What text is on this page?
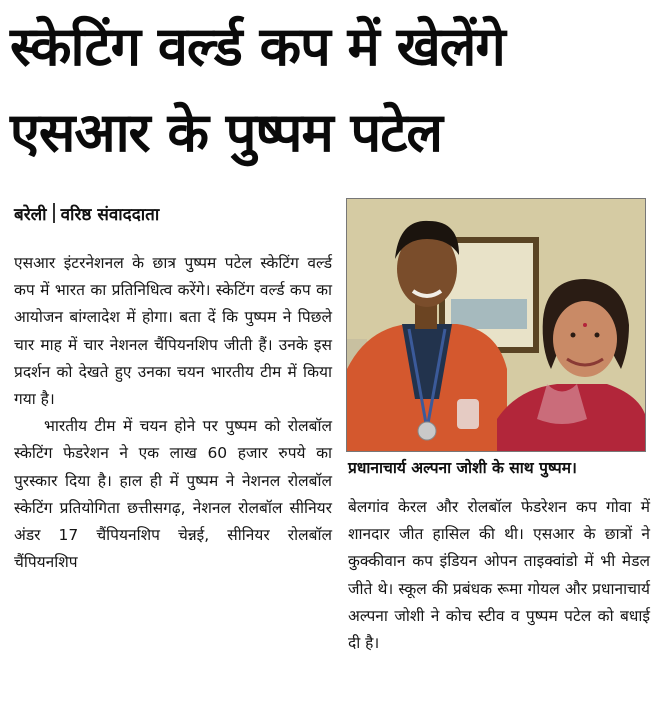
स्केटिंग वर्ल्ड कप में खेलेंगे
एसआर के पुष्पम पटेल
बरेली वरिष्ठ संवाददाता

एसआर इंटरनेशनल के छात्र पुष्पम पटेल स्केटिंग वर्ल्ड कप में भारत का प्रतिनिधित्व करेंगे। स्केटिंग वर्ल्ड कप का आयोजन बांग्लादेश में होगा। बता दें कि पुष्पम ने पिछले चार माह में चार नेशनल चैंपियनशिप जीती हैं। उनके इस प्रदर्शन को देखते हुए उनका चयन भारतीय टीम में किया गया है।

भारतीय टीम में चयन होने पर पुष्पम को रोलबॉल स्केटिंग फेडरेशन ने एक लाख 60 हजार रुपये का पुरस्कार दिया है। हाल ही में पुष्पम ने नेशनल रोलबॉल स्केटिंग प्रतियोगिता छत्तीसगढ़, नेशनल रोलबॉल सीनियर अंडर 17 चैंपियनशिप चेन्नई, सीनियर रोलबॉल चैंपियनशिप

प्रधानाचार्य अल्पना जोशी के साथ पुष्पम।

बेलगांव केरल और रोलबॉल फेडरेशन कप गोवा में शानदार जीत हासिल की थी। एसआर के छात्रों ने कुक्कीवान कप इंडियन ओपन ताइक्वांडो में भी मेडल जीते थे। स्कूल की प्रबंधक रूमा गोयल और प्रधानाचार्य अल्पना जोशी ने कोच स्टीव व पुष्पम पटेल को बधाई दी है।
